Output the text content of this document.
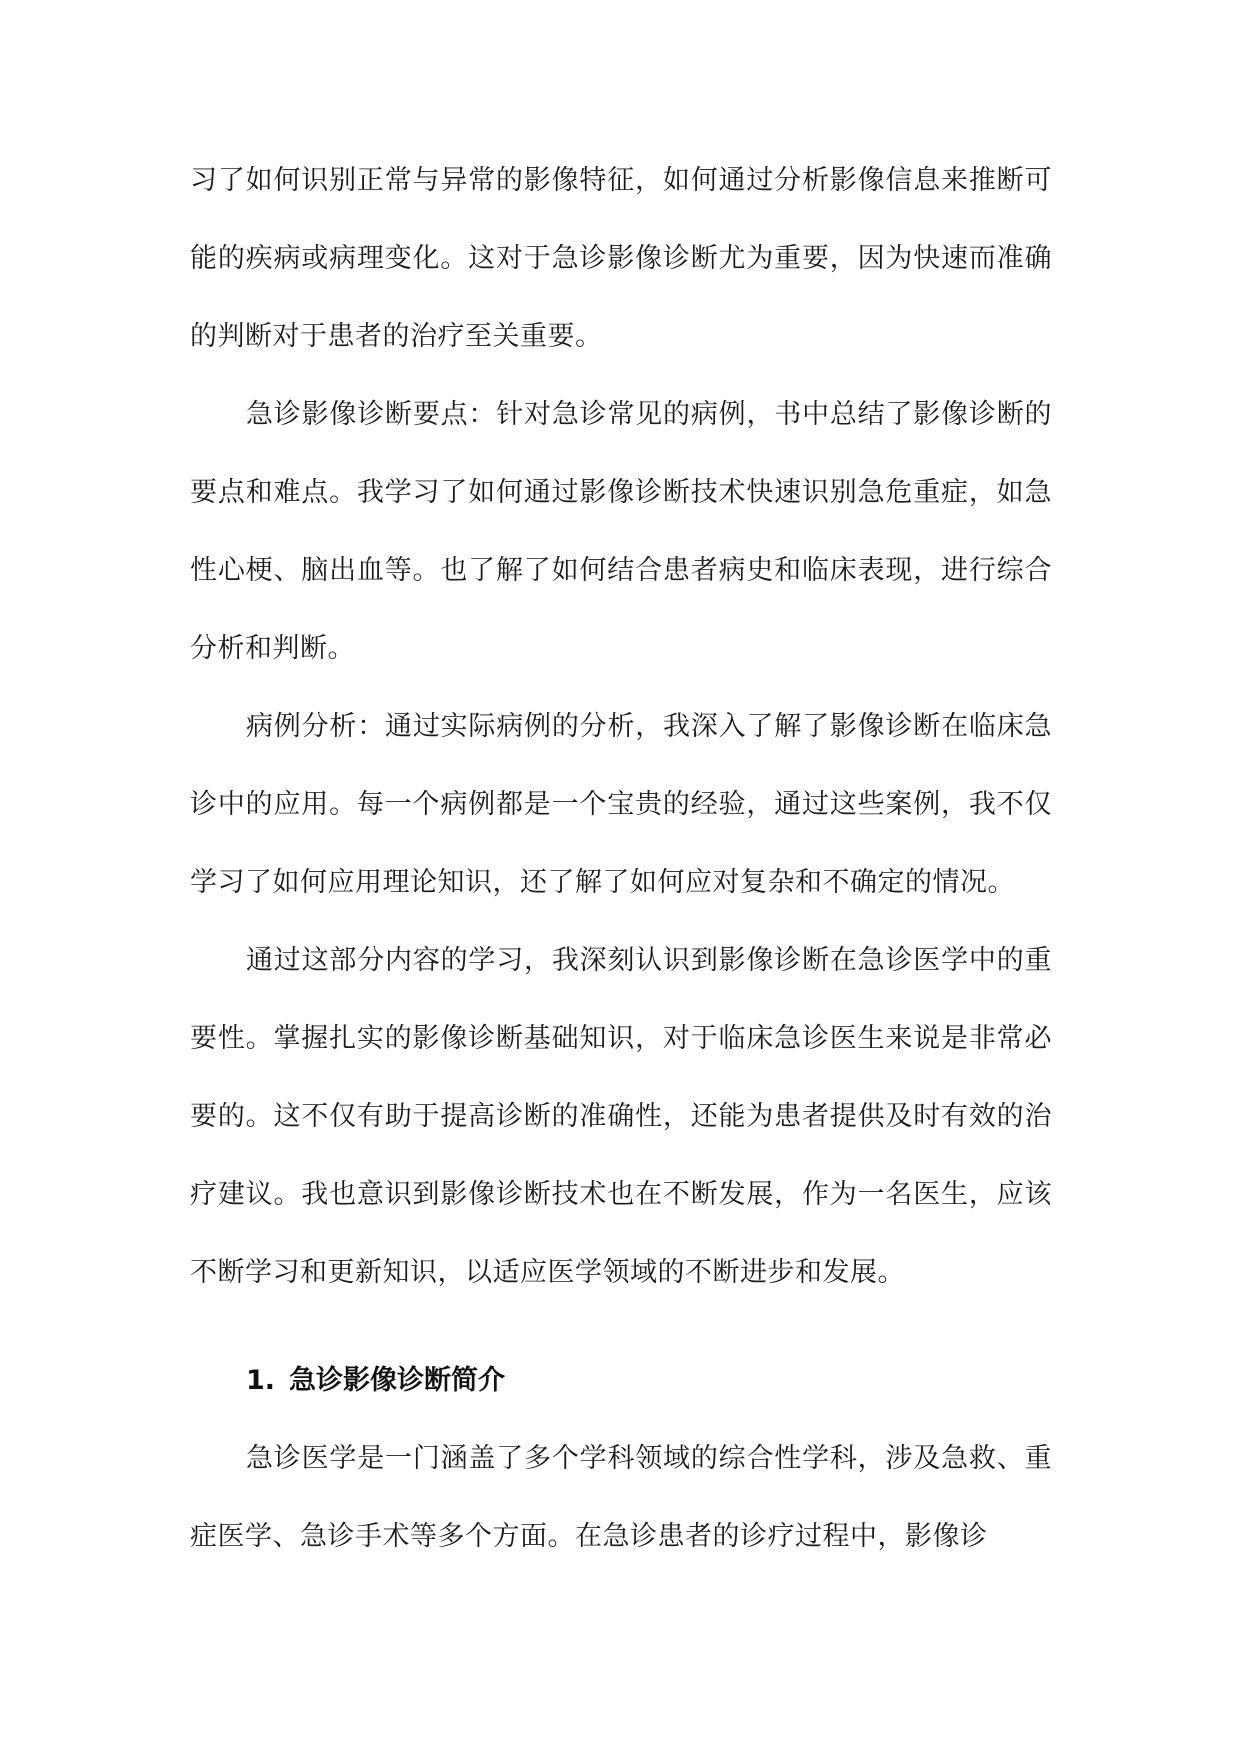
习了如何识别正常与异常的影像特征，如何通过分析影像信息来推断可能的疾病或病理变化。这对于急诊影像诊断尤为重要，因为快速而准确的判断对于患者的治疗至关重要。

急诊影像诊断要点：针对急诊常见的病例，书中总结了影像诊断的要点和难点。我学习了如何通过影像诊断技术快速识别急危重症，如急性心梗、脑出血等。也了解了如何结合患者病史和临床表现，进行综合分析和判断。

病例分析：通过实际病例的分析，我深入了解了影像诊断在临床急诊中的应用。每一个病例都是一个宝贵的经验，通过这些案例，我不仅学习了如何应用理论知识，还了解了如何应对复杂和不确定的情况。

通过这部分内容的学习，我深刻认识到影像诊断在急诊医学中的重要性。掌握扎实的影像诊断基础知识，对于临床急诊医生来说是非常必要的。这不仅有助于提高诊断的准确性，还能为患者提供及时有效的治疗建议。我也意识到影像诊断技术也在不断发展，作为一名医生，应该不断学习和更新知识，以适应医学领域的不断进步和发展。

1. 急诊影像诊断简介

急诊医学是一门涵盖了多个学科领域的综合性学科，涉及急救、重症医学、急诊手术等多个方面。在急诊患者的诊疗过程中，影像诊
